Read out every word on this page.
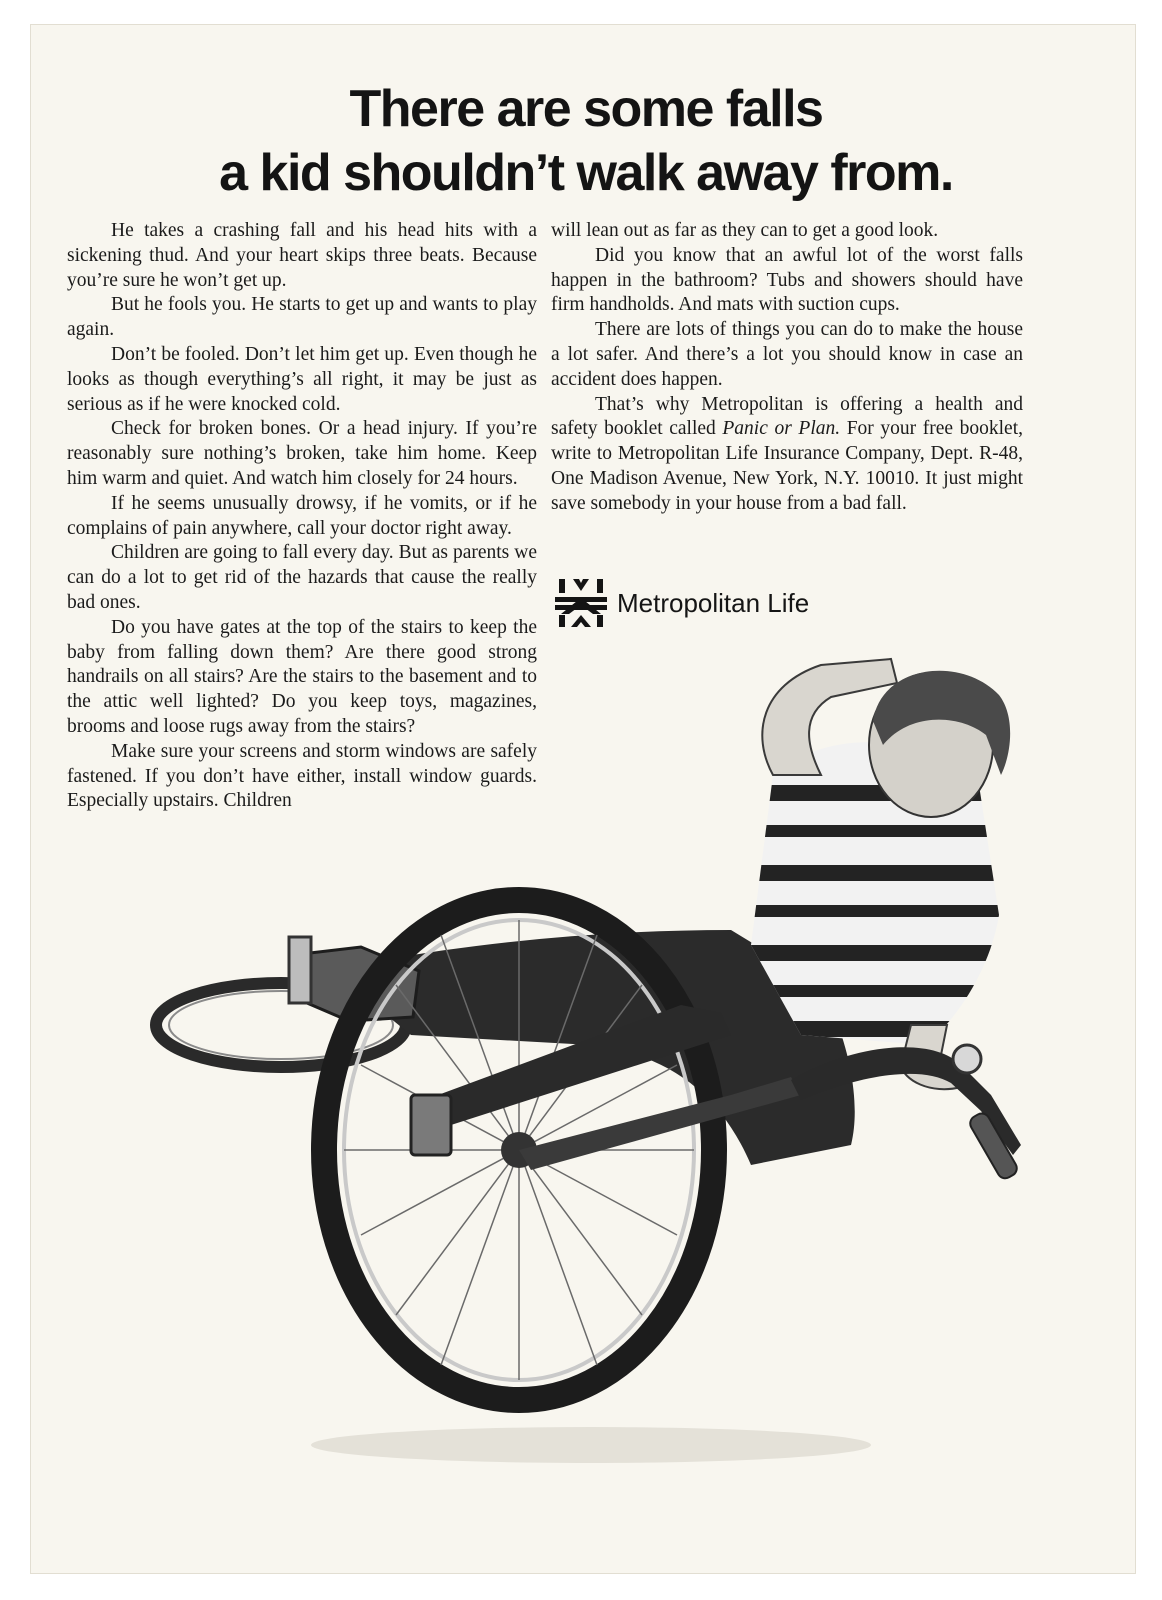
There are some falls
a kid shouldn’t walk away from.

He takes a crashing fall and his head hits with a sickening thud. And your heart skips three beats. Because you’re sure he won’t get up.

But he fools you. He starts to get up and wants to play again.

Don’t be fooled. Don’t let him get up. Even though he looks as though everything’s all right, it may be just as serious as if he were knocked cold.

Check for broken bones. Or a head injury. If you’re reasonably sure nothing’s broken, take him home. Keep him warm and quiet. And watch him closely for 24 hours.

If he seems unusually drowsy, if he vomits, or if he complains of pain anywhere, call your doctor right away.

Children are going to fall every day. But as parents we can do a lot to get rid of the hazards that cause the really bad ones.

Do you have gates at the top of the stairs to keep the baby from falling down them? Are there good strong handrails on all stairs? Are the stairs to the basement and to the attic well lighted? Do you keep toys, magazines, brooms and loose rugs away from the stairs?

Make sure your screens and storm windows are safely fastened. If you don’t have either, install window guards. Especially upstairs. Children

will lean out as far as they can to get a good look.

Did you know that an awful lot of the worst falls happen in the bathroom? Tubs and showers should have firm handholds. And mats with suction cups.

There are lots of things you can do to make the house a lot safer. And there’s a lot you should know in case an accident does happen.

That’s why Metropolitan is offering a health and safety booklet called Panic or Plan. For your free booklet, write to Metropolitan Life Insurance Company, Dept. R-48, One Madison Avenue, New York, N.Y. 10010. It just might save somebody in your house from a bad fall.

Metropolitan Life
